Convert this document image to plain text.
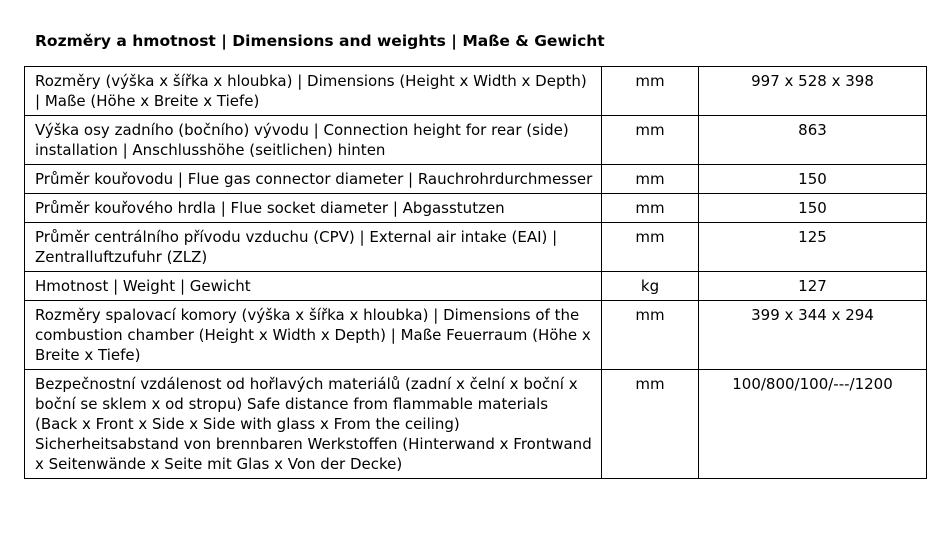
Rozměry a hmotnost | Dimensions and weights | Maße & Gewicht
Rozměry (výška x šířka x hloubka) | Dimensions (Height x Width x Depth) | Maße (Höhe x Breite x Tiefe)	mm	997 x 528 x 398
Výška osy zadního (bočního) vývodu | Connection height for rear (side) installation | Anschlusshöhe (seitlichen) hinten	mm	863
Průměr kouřovodu | Flue gas connector diameter | Rauchrohrdurchmesser	mm	150
Průměr kouřového hrdla | Flue socket diameter | Abgasstutzen	mm	150
Průměr centrálního přívodu vzduchu (CPV) | External air intake (EAI) | Zentralluftzufuhr (ZLZ)	mm	125
Hmotnost | Weight | Gewicht	kg	127
Rozměry spalovací komory (výška x šířka x hloubka) | Dimensions of the combustion chamber (Height x Width x Depth) | Maße Feuerraum (Höhe x Breite x Tiefe)	mm	399 x 344 x 294
Bezpečnostní vzdálenost od hořlavých materiálů (zadní x čelní x boční x boční se sklem x od stropu) Safe distance from flammable materials (Back x Front x Side x Side with glass x From the ceiling) Sicherheitsabstand von brennbaren Werkstoffen (Hinterwand x Frontwand x Seitenwände x Seite mit Glas x Von der Decke)	mm	100/800/100/---/1200
